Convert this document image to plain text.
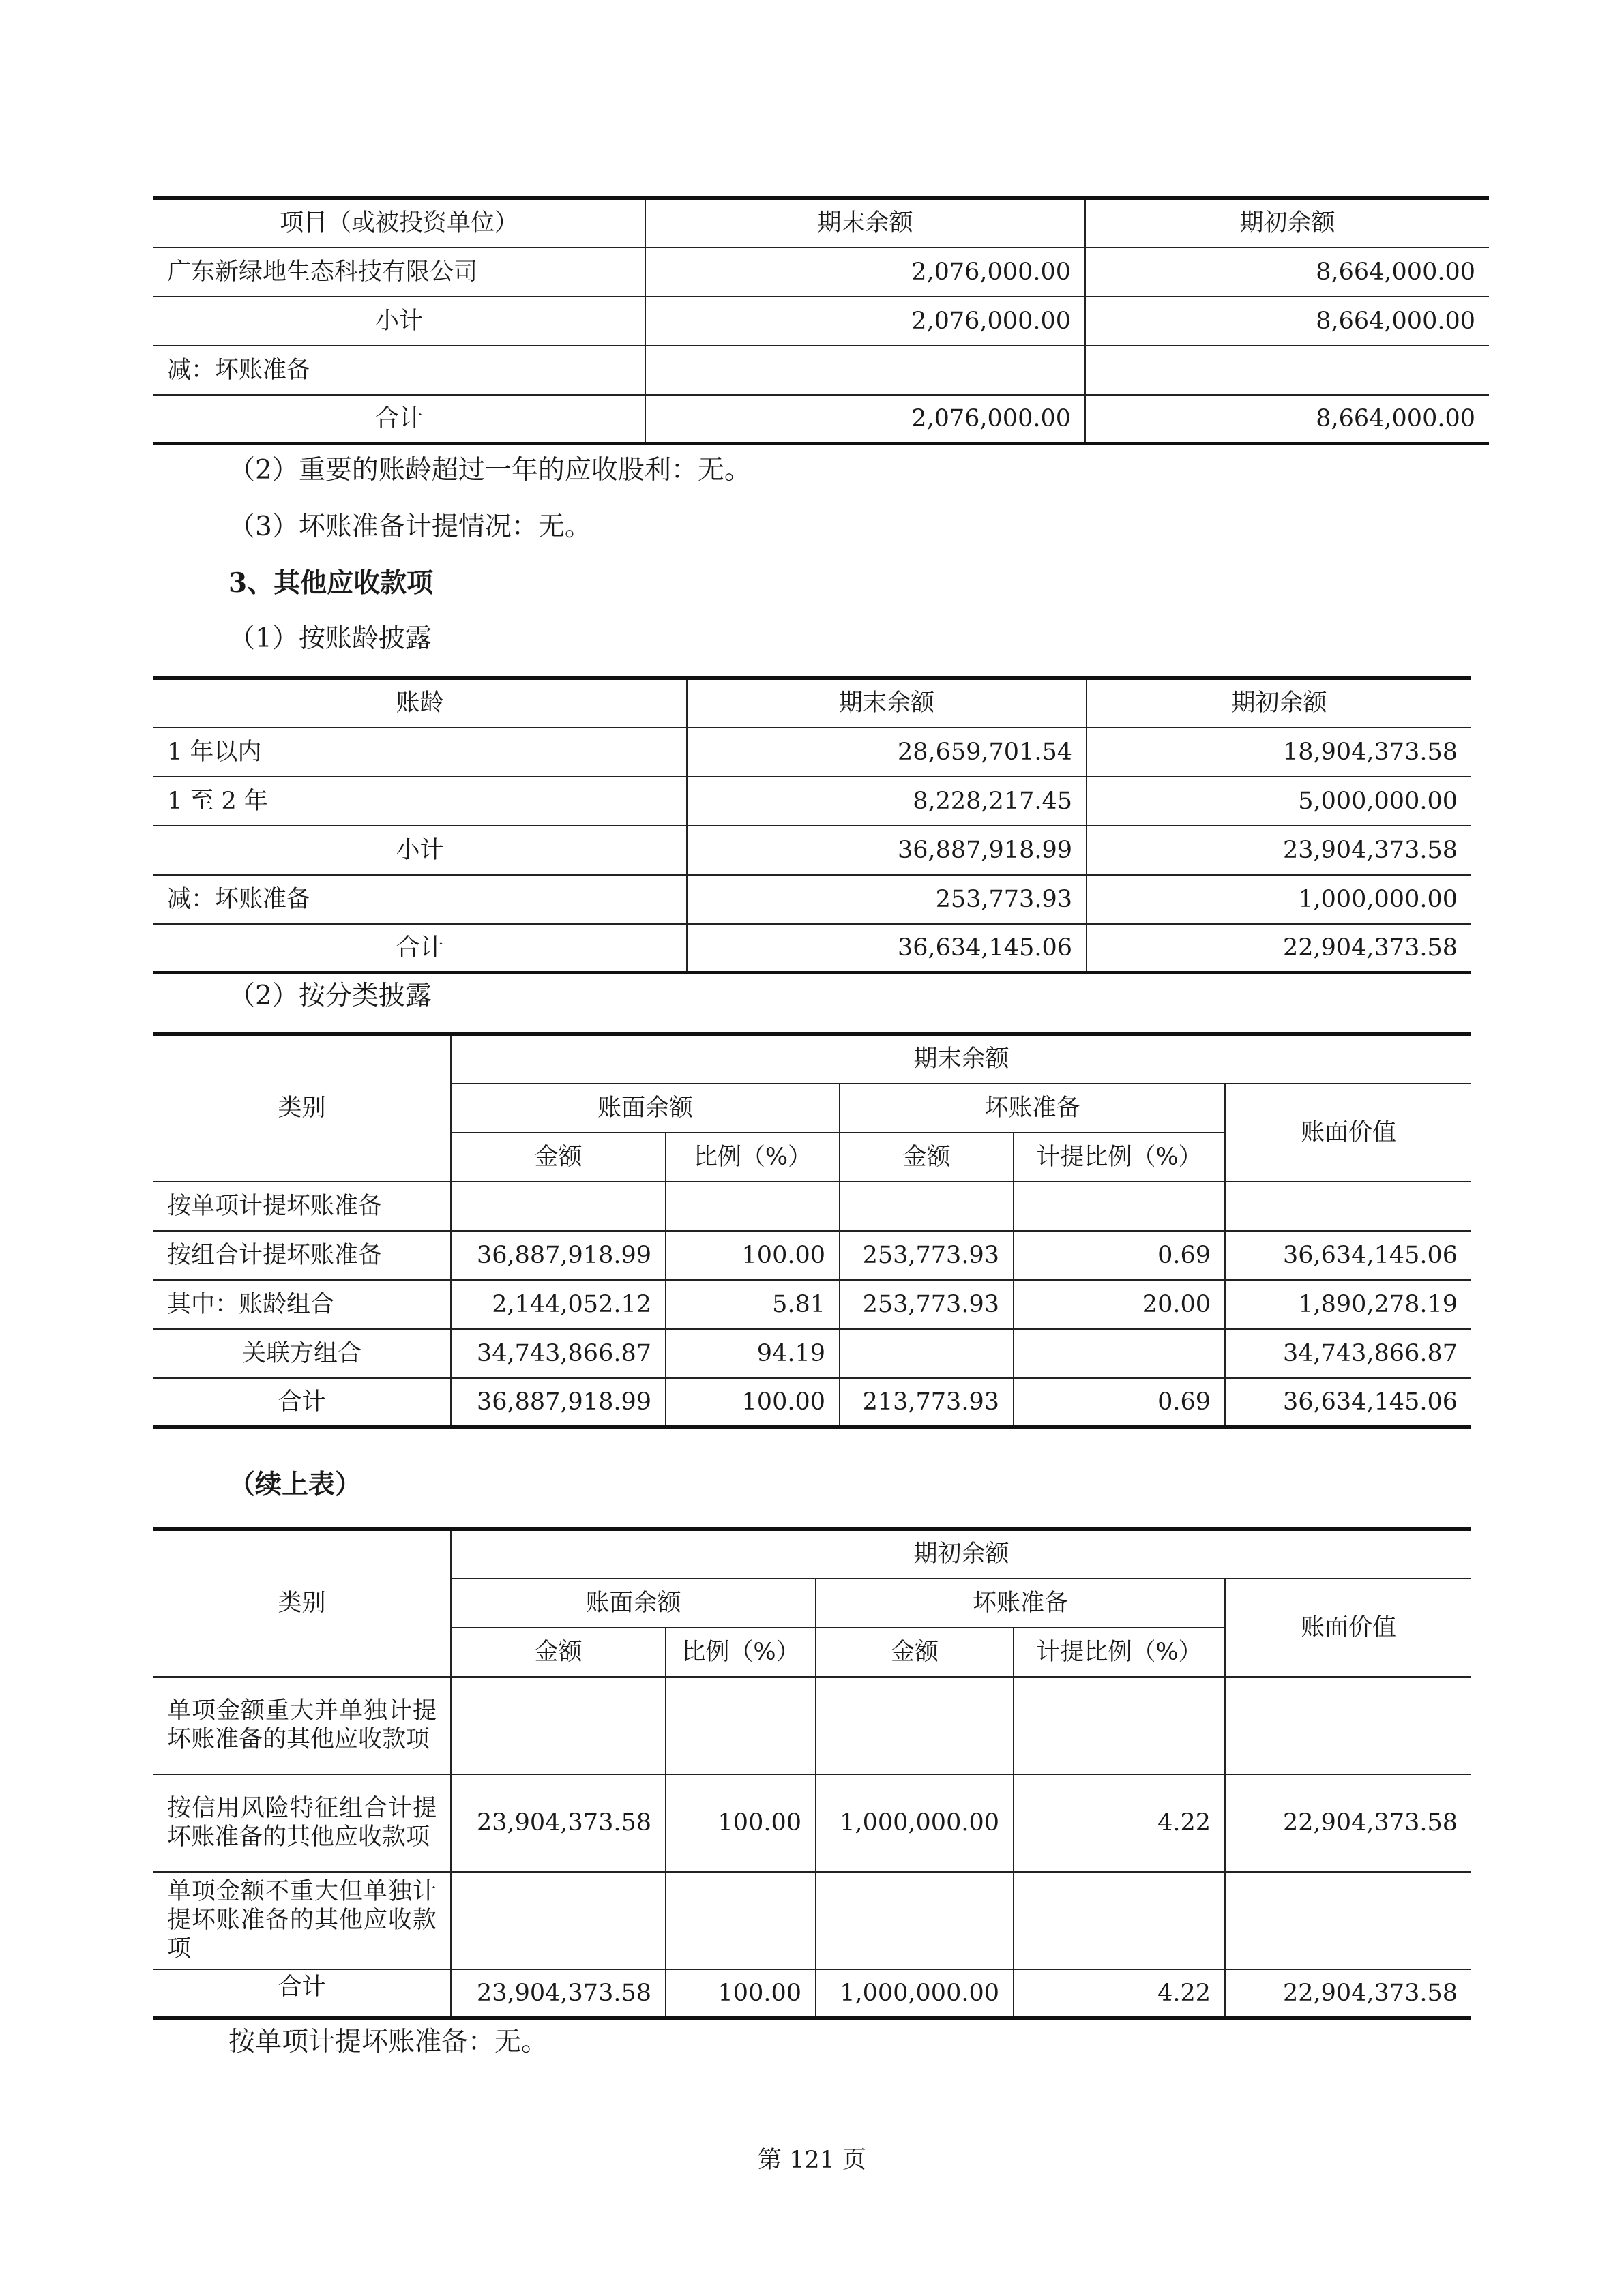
项目（或被投资单位）	期末余额	期初余额
广东新绿地生态科技有限公司	2,076,000.00	8,664,000.00
小计	2,076,000.00	8,664,000.00
减：坏账准备		
合计	2,076,000.00	8,664,000.00
（2）重要的账龄超过一年的应收股利：无。
（3）坏账准备计提情况：无。
3、其他应收款项
（1）按账龄披露
账龄	期末余额	期初余额
1 年以内	28,659,701.54	18,904,373.58
1 至 2 年	8,228,217.45	5,000,000.00
小计	36,887,918.99	23,904,373.58
减：坏账准备	253,773.93	1,000,000.00
合计	36,634,145.06	22,904,373.58
（2）按分类披露
类别	期末余额				
	账面余额		坏账准备		账面价值
	金额	比例（%）	金额	计提比例（%）	
按单项计提坏账准备					
按组合计提坏账准备	36,887,918.99	100.00	253,773.93	0.69	36,634,145.06
其中：账龄组合	2,144,052.12	5.81	253,773.93	20.00	1,890,278.19
关联方组合	34,743,866.87	94.19			34,743,866.87
合计	36,887,918.99	100.00	213,773.93	0.69	36,634,145.06
（续上表）
类别	期初余额				
	账面余额		坏账准备		账面价值
	金额	比例（%）	金额	计提比例（%）	
单项金额重大并单独计提坏账准备的其他应收款项					
按信用风险特征组合计提坏账准备的其他应收款项	23,904,373.58	100.00	1,000,000.00	4.22	22,904,373.58
单项金额不重大但单独计提坏账准备的其他应收款项					
合计	23,904,373.58	100.00	1,000,000.00	4.22	22,904,373.58
按单项计提坏账准备：无。
第 121 页
